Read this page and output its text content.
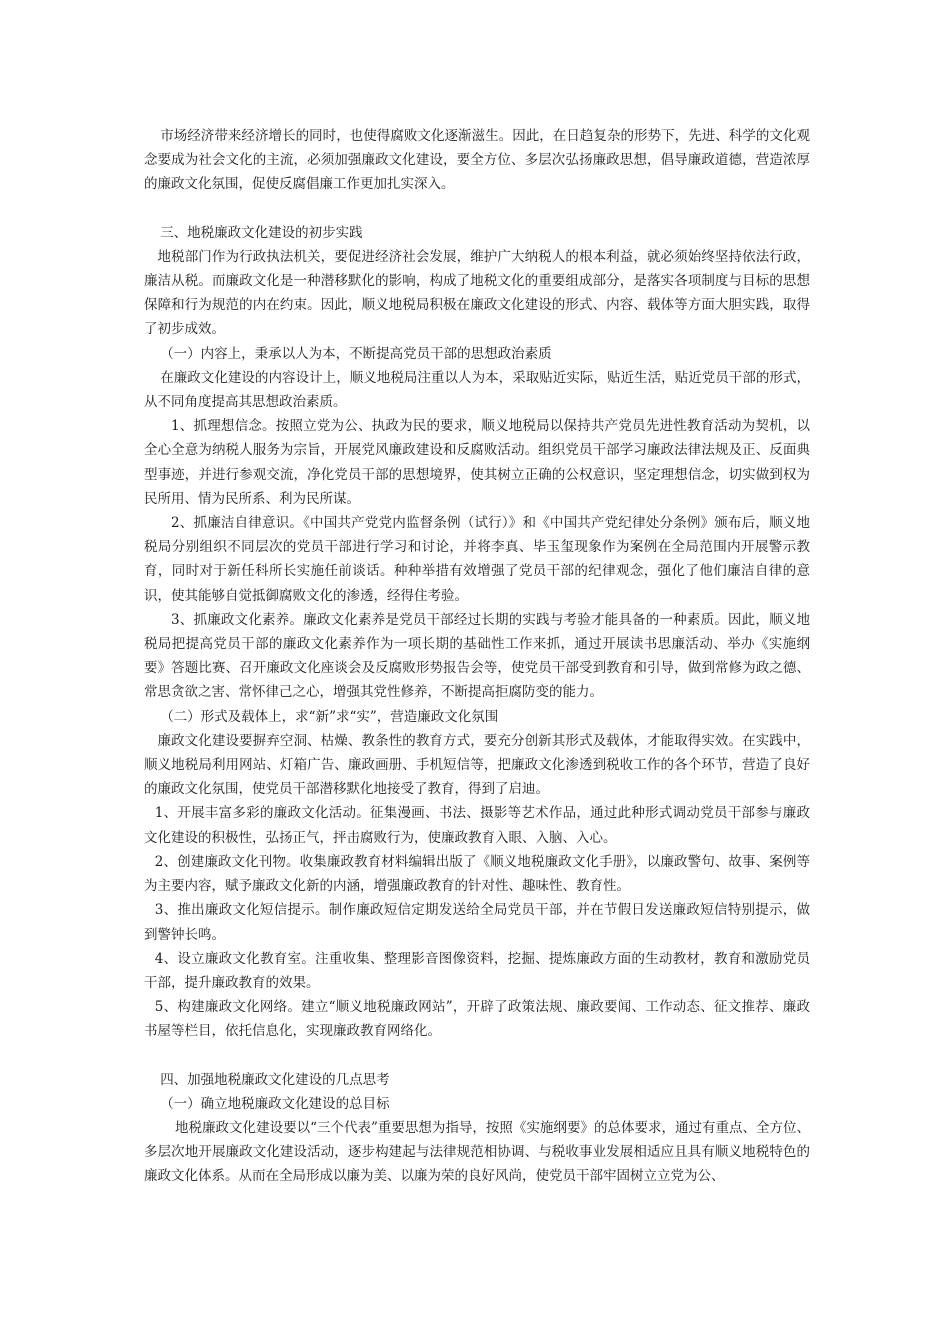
市场经济带来经济增长的同时，也使得腐败文化逐渐滋生。因此，在日趋复杂的形势下，先进、科学的文化观念要成为社会文化的主流，必须加强廉政文化建设，要全方位、多层次弘扬廉政思想，倡导廉政道德，营造浓厚的廉政文化氛围，促使反腐倡廉工作更加扎实深入。

三、地税廉政文化建设的初步实践

地税部门作为行政执法机关，要促进经济社会发展，维护广大纳税人的根本利益，就必须始终坚持依法行政，廉洁从税。而廉政文化是一种潜移默化的影响，构成了地税文化的重要组成部分，是落实各项制度与目标的思想保障和行为规范的内在约束。因此，顺义地税局积极在廉政文化建设的形式、内容、载体等方面大胆实践，取得了初步成效。

（一）内容上，秉承以人为本，不断提高党员干部的思想政治素质

在廉政文化建设的内容设计上，顺义地税局注重以人为本，采取贴近实际，贴近生活，贴近党员干部的形式，从不同角度提高其思想政治素质。

1、抓理想信念。按照立党为公、执政为民的要求，顺义地税局以保持共产党员先进性教育活动为契机，以全心全意为纳税人服务为宗旨，开展党风廉政建设和反腐败活动。组织党员干部学习廉政法律法规及正、反面典型事迹，并进行参观交流，净化党员干部的思想境界，使其树立正确的公权意识，坚定理想信念，切实做到权为民所用、情为民所系、利为民所谋。

2、抓廉洁自律意识。《中国共产党党内监督条例（试行）》和《中国共产党纪律处分条例》颁布后，顺义地税局分别组织不同层次的党员干部进行学习和讨论，并将李真、毕玉玺现象作为案例在全局范围内开展警示教育，同时对于新任科所长实施任前谈话。种种举措有效增强了党员干部的纪律观念，强化了他们廉洁自律的意识，使其能够自觉抵御腐败文化的渗透，经得住考验。

3、抓廉政文化素养。廉政文化素养是党员干部经过长期的实践与考验才能具备的一种素质。因此，顺义地税局把提高党员干部的廉政文化素养作为一项长期的基础性工作来抓，通过开展读书思廉活动、举办《实施纲要》答题比赛、召开廉政文化座谈会及反腐败形势报告会等，使党员干部受到教育和引导，做到常修为政之德、常思贪欲之害、常怀律己之心，增强其党性修养，不断提高拒腐防变的能力。

（二）形式及载体上，求“新”求“实”，营造廉政文化氛围

廉政文化建设要摒弃空洞、枯燥、教条性的教育方式，要充分创新其形式及载体，才能取得实效。在实践中，顺义地税局利用网站、灯箱广告、廉政画册、手机短信等，把廉政文化渗透到税收工作的各个环节，营造了良好的廉政文化氛围，使党员干部潜移默化地接受了教育，得到了启迪。

1、开展丰富多彩的廉政文化活动。征集漫画、书法、摄影等艺术作品，通过此种形式调动党员干部参与廉政文化建设的积极性，弘扬正气，抨击腐败行为，使廉政教育入眼、入脑、入心。

2、创建廉政文化刊物。收集廉政教育材料编辑出版了《顺义地税廉政文化手册》，以廉政警句、故事、案例等为主要内容，赋予廉政文化新的内涵，增强廉政教育的针对性、趣味性、教育性。

3、推出廉政文化短信提示。制作廉政短信定期发送给全局党员干部，并在节假日发送廉政短信特别提示，做到警钟长鸣。

4、设立廉政文化教育室。注重收集、整理影音图像资料，挖掘、提炼廉政方面的生动教材，教育和激励党员干部，提升廉政教育的效果。

5、构建廉政文化网络。建立“顺义地税廉政网站”，开辟了政策法规、廉政要闻、工作动态、征文推荐、廉政书屋等栏目，依托信息化，实现廉政教育网络化。

四、加强地税廉政文化建设的几点思考

（一）确立地税廉政文化建设的总目标

地税廉政文化建设要以“三个代表”重要思想为指导，按照《实施纲要》的总体要求，通过有重点、全方位、多层次地开展廉政文化建设活动，逐步构建起与法律规范相协调、与税收事业发展相适应且具有顺义地税特色的廉政文化体系。从而在全局形成以廉为美、以廉为荣的良好风尚，使党员干部牢固树立立党为公、
